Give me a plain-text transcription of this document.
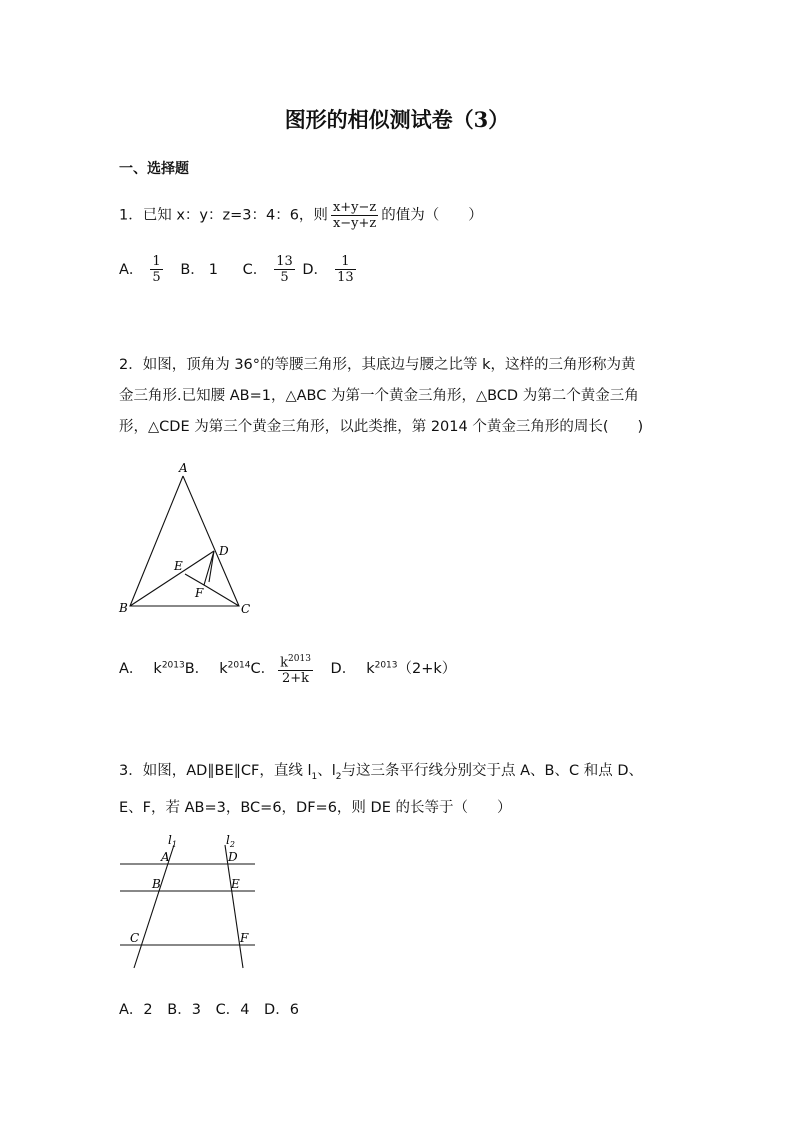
图形的相似测试卷（3）
一、选择题
1．已知 x：y：z=3：4：6，则 $\frac{x+y-z}{x-y+z}$ 的值为（　　）
A． $\frac{1}{5}$ B． 1 C． $\frac{13}{5}$ D． $\frac{1}{13}$
2．如图，顶角为 36°的等腰三角形，其底边与腰之比等 k，这样的三角形称为黄
金三角形.已知腰 AB=1，△ABC 为第一个黄金三角形，△BCD 为第二个黄金三角
形，△CDE 为第三个黄金三角形，以此类推，第 2014 个黄金三角形的周长(　　)
A
B	C
D
E
F
A． $k^{2013}B$． $k^{2014}C$． $\frac{k^{2013}}{2+k}$ D． $k^{2013}(2+k)$
3．如图，AD∥BE∥CF，直线 $l_1$、$l_2$与这三条平行线分别交于点 A、B、C 和点 D、
E、F，若 AB=3，BC=6，DF=6，则 DE 的长等于（　　）
$l_1$	$l_2$
A	D
B	E
C	F
A．2 B．3 C．4 D．6
